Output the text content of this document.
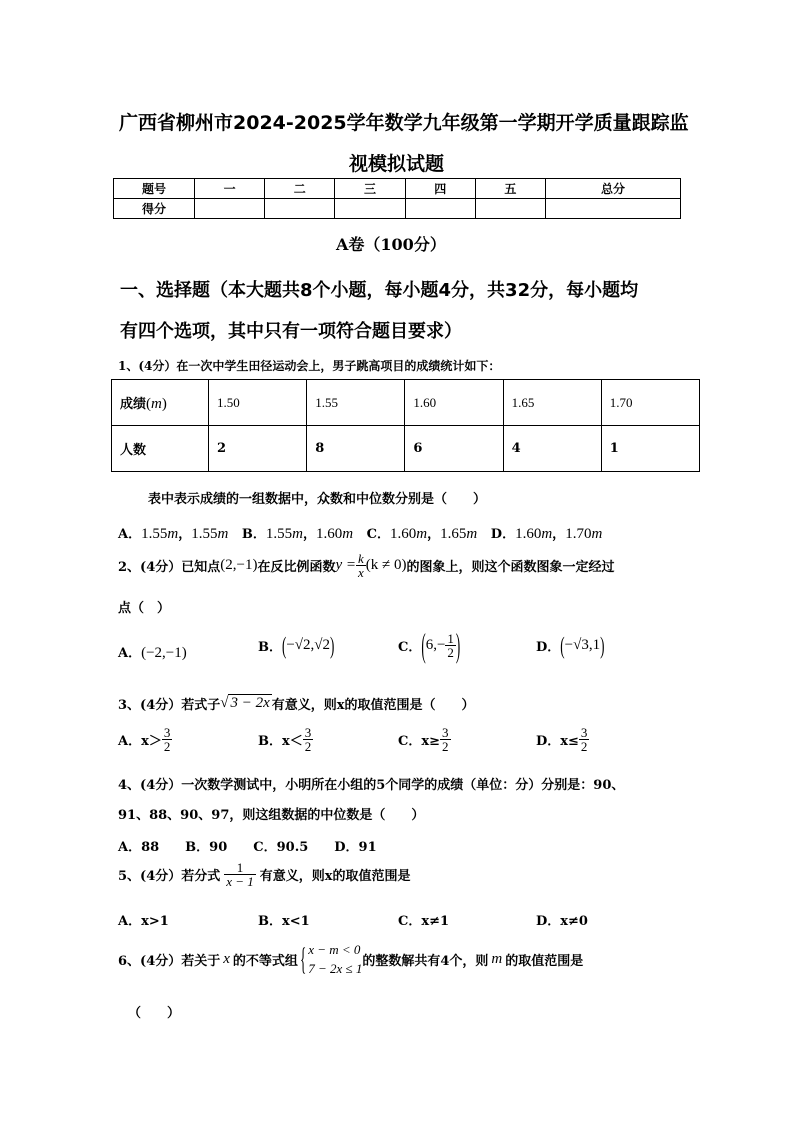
广西省柳州市2024-2025学年数学九年级第一学期开学质量跟踪监
视模拟试题
题号	一	二	三	四	五	总分
得分						
A卷（100分）
一、选择题（本大题共8个小题，每小题4分，共32分，每小题均
有四个选项，其中只有一项符合题目要求）
1、(4分）在一次中学生田径运动会上，男子跳高项目的成绩统计如下：
成绩(m)	1.50	1.55	1.60	1.65	1.70
人数	2	8	6	4	1
表中表示成绩的一组数据中，众数和中位数分别是（　　）
A．1.55m，1.55m B．1.55m，1.60m C．1.60m，1.65m D．1.60m，1.70m
2、(4分）已知点 (2,−1) 在反比例函数 $y = \frac{k}{x} (k \ne 0)$ 的图象上，则这个函数图象一定经过
点（　）
A．(−2,−1)	B． ( −√2 , √2 )	C． ( $6,- \frac{1}{2}$ )	D． ( −√3 , 1 )
3、(4分）若式子 √ 3 − 2x 有意义，则x的取值范围是（　　）
A．$x> \frac{3}{2}$	B．$x< \frac{3}{2}$	C．$x\ge \frac{3}{2}$	D．$x\le \frac{3}{2}$
4、(4分）一次数学测试中，小明所在小组的5个同学的成绩（单位：分）分别是：90、
91、88、90、97，则这组数据的中位数是（　　）
A．88　　B．90　　C．90.5　　D．91
5、(4分）若分式 $\frac{1}{x - 1}$ 有意义，则x的取值范围是
A．x>1	B．x<1	C．x≠1	D．x≠0
6、(4分）若关于 x 的不等式组 { x − m < 0
7 − 2x ≤ 1 的整数解共有4个，则 m 的取值范围是
（　　）
